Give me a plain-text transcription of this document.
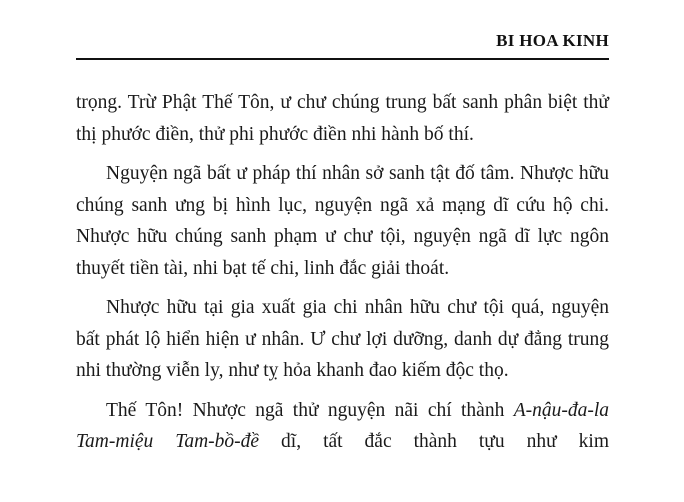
BI HOA KINH

trọng. Trừ Phật Thế Tôn, ư chư chúng trung bất sanh phân biệt thử thị phước điền, thử phi phước điền nhi hành bố thí.

Nguyện ngã bất ư pháp thí nhân sở sanh tật đố tâm. Nhược hữu chúng sanh ưng bị hình lục, nguyện ngã xả mạng dĩ cứu hộ chi. Nhược hữu chúng sanh phạm ư chư tội, nguyện ngã dĩ lực ngôn thuyết tiền tài, nhi bạt tế chi, linh đắc giải thoát.

Nhược hữu tại gia xuất gia chi nhân hữu chư tội quá, nguyện bất phát lộ hiển hiện ư nhân. Ư chư lợi dưỡng, danh dự đẳng trung nhi thường viễn ly, như tỵ hỏa khanh đao kiếm độc thọ.

Thế Tôn! Nhược ngã thử nguyện nãi chí thành A-nậu-đa-la Tam-miệu Tam-bồ-đề dĩ, tất đắc thành tựu như kim
